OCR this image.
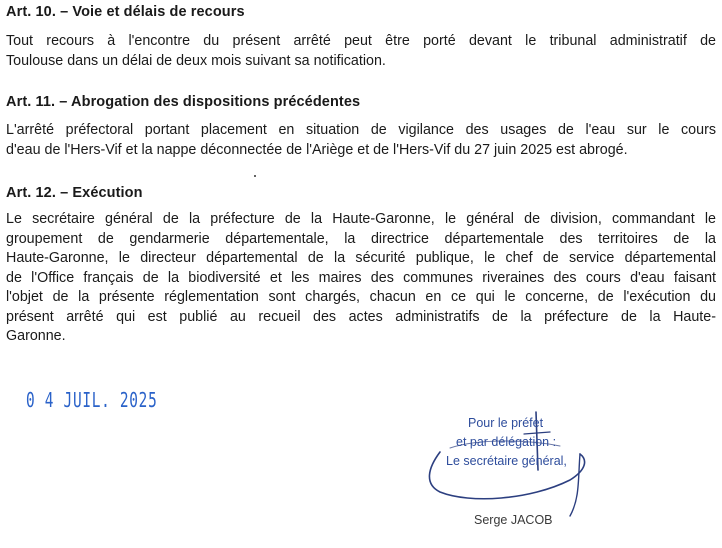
Art. 10. – Voie et délais de recours
Tout recours à l'encontre du présent arrêté peut être porté devant le tribunal administratif de
Toulouse dans un délai de deux mois suivant sa notification.
Art. 11. – Abrogation des dispositions précédentes
L'arrêté préfectoral portant placement en situation de vigilance des usages de l'eau sur le cours
d'eau de l'Hers-Vif et la nappe déconnectée de l'Ariège et de l'Hers-Vif du 27 juin 2025 est abrogé.
Art. 12. – Exécution
Le secrétaire général de la préfecture de la Haute-Garonne, le général de division, commandant le
groupement de gendarmerie départementale, la directrice départementale des territoires de la
Haute-Garonne, le directeur départemental de la sécurité publique, le chef de service départemental
de l'Office français de la biodiversité et les maires des communes riveraines des cours d'eau faisant
l'objet de la présente réglementation sont chargés, chacun en ce qui le concerne, de l'exécution du
présent arrêté qui est publié au recueil des actes administratifs de la préfecture de la Haute-
Garonne.
0 4 JUIL. 2025
Pour le préfet
et par délégation :
Le secrétaire général,
Serge JACOB
